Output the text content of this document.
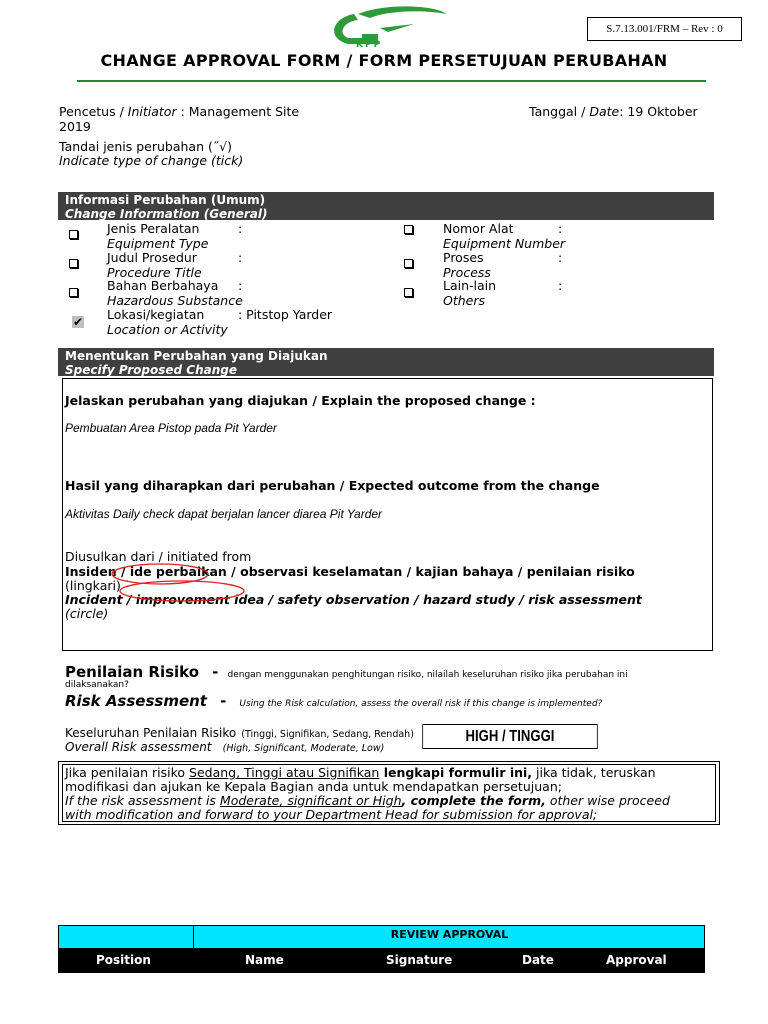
S.7.13.001/FRM – Rev : 0
KPP
CHANGE APPROVAL FORM / FORM PERSETUJUAN PERUBAHAN
Pencetus / Initiator : Management Site
2019
Tanggal / Date: 19 Oktober
Tandai jenis perubahan (˝√)
Indicate type of change (tick)
Informasi Perubahan (Umum)
Change Information (General)
Jenis Peralatan	:
Equipment Type
Judul Prosedur	:
Procedure Title
Bahan Berbahaya :
Hazardous Substance
✔ Lokasi/kegiatan	: Pitstop Yarder
Location or Activity
Nomor Alat	:
Equipment Number
Proses	:
Process
Lain-lain	:
Others
Menentukan Perubahan yang Diajukan
Specify Proposed Change
Jelaskan perubahan yang diajukan / Explain the proposed change :
Pembuatan Area Pistop pada Pit Yarder
Hasil yang diharapkan dari perubahan / Expected outcome from the change
Aktivitas Daily check dapat berjalan lancer diarea Pit Yarder
Diusulkan dari / initiated from
Insiden / ide perbaikan / observasi keselamatan / kajian bahaya / penilaian risiko
(lingkari)
Incident / improvement idea / safety observation / hazard study / risk assessment
(circle)
Penilaian Risiko - dengan menggunakan penghitungan risiko, nilailah keseluruhan risiko jika perubahan ini
dilaksanakan?
Risk Assessment - Using the Risk calculation, assess the overall risk if this change is implemented?
Keseluruhan Penilaian Risiko (Tinggi, Signifikan, Sedang, Rendah)
Overall Risk assessment (High, Significant, Moderate, Low)
HIGH / TINGGI
Jika penilaian risiko Sedang, Tinggi atau Signifikan lengkapi formulir ini, jika tidak, teruskan
modifikasi dan ajukan ke Kepala Bagian anda untuk mendapatkan persetujuan;
If the risk assessment is Moderate, significant or High, complete the form, other wise proceed
with modification and forward to your Department Head for submission for approval;
REVIEW APPROVAL
Position	Name	Signature	Date	Approval
